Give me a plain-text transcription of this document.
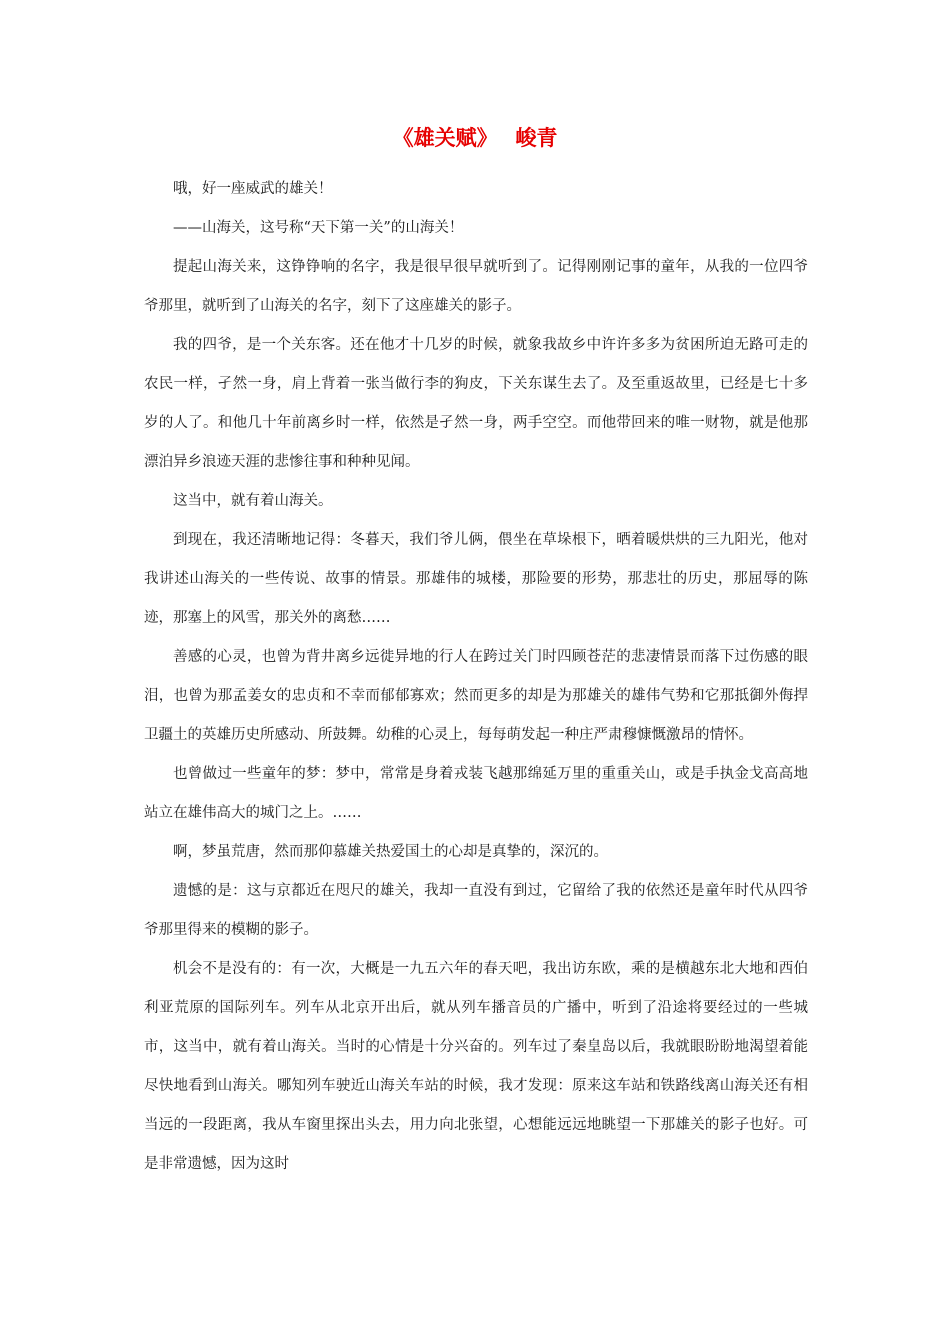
《雄关赋》　 峻青

哦，好一座威武的雄关！

——山海关，这号称“天下第一关”的山海关！

提起山海关来，这铮铮响的名字，我是很早很早就听到了。记得刚刚记事的童年，从我的一位四爷爷那里，就听到了山海关的名字，刻下了这座雄关的影子。

我的四爷，是一个关东客。还在他才十几岁的时候，就象我故乡中许许多多为贫困所迫无路可走的农民一样，孑然一身，肩上背着一张当做行李的狗皮，下关东谋生去了。及至重返故里，已经是七十多岁的人了。和他几十年前离乡时一样，依然是孑然一身，两手空空。而他带回来的唯一财物，就是他那漂泊异乡浪迹天涯的悲惨往事和种种见闻。

这当中，就有着山海关。

到现在，我还清晰地记得：冬暮天，我们爷儿俩，偎坐在草垛根下，晒着暖烘烘的三九阳光，他对我讲述山海关的一些传说、故事的情景。那雄伟的城楼，那险要的形势，那悲壮的历史，那屈辱的陈迹，那塞上的风雪，那关外的离愁……

善感的心灵，也曾为背井离乡远徙异地的行人在跨过关门时四顾苍茫的悲凄情景而落下过伤感的眼泪，也曾为那孟姜女的忠贞和不幸而郁郁寡欢；然而更多的却是为那雄关的雄伟气势和它那抵御外侮捍卫疆土的英雄历史所感动、所鼓舞。幼稚的心灵上，每每萌发起一种庄严肃穆慷慨激昂的情怀。

也曾做过一些童年的梦：梦中，常常是身着戎装飞越那绵延万里的重重关山，或是手执金戈高高地站立在雄伟高大的城门之上。……

啊，梦虽荒唐，然而那仰慕雄关热爱国土的心却是真挚的，深沉的。

遗憾的是：这与京都近在咫尺的雄关，我却一直没有到过，它留给了我的依然还是童年时代从四爷爷那里得来的模糊的影子。

机会不是没有的：有一次，大概是一九五六年的春天吧，我出访东欧，乘的是横越东北大地和西伯利亚荒原的国际列车。列车从北京开出后，就从列车播音员的广播中，听到了沿途将要经过的一些城市，这当中，就有着山海关。当时的心情是十分兴奋的。列车过了秦皇岛以后，我就眼盼盼地渴望着能尽快地看到山海关。哪知列车驶近山海关车站的时候，我才发现：原来这车站和铁路线离山海关还有相当远的一段距离，我从车窗里探出头去，用力向北张望，心想能远远地眺望一下那雄关的影子也好。可是非常遗憾，因为这时
